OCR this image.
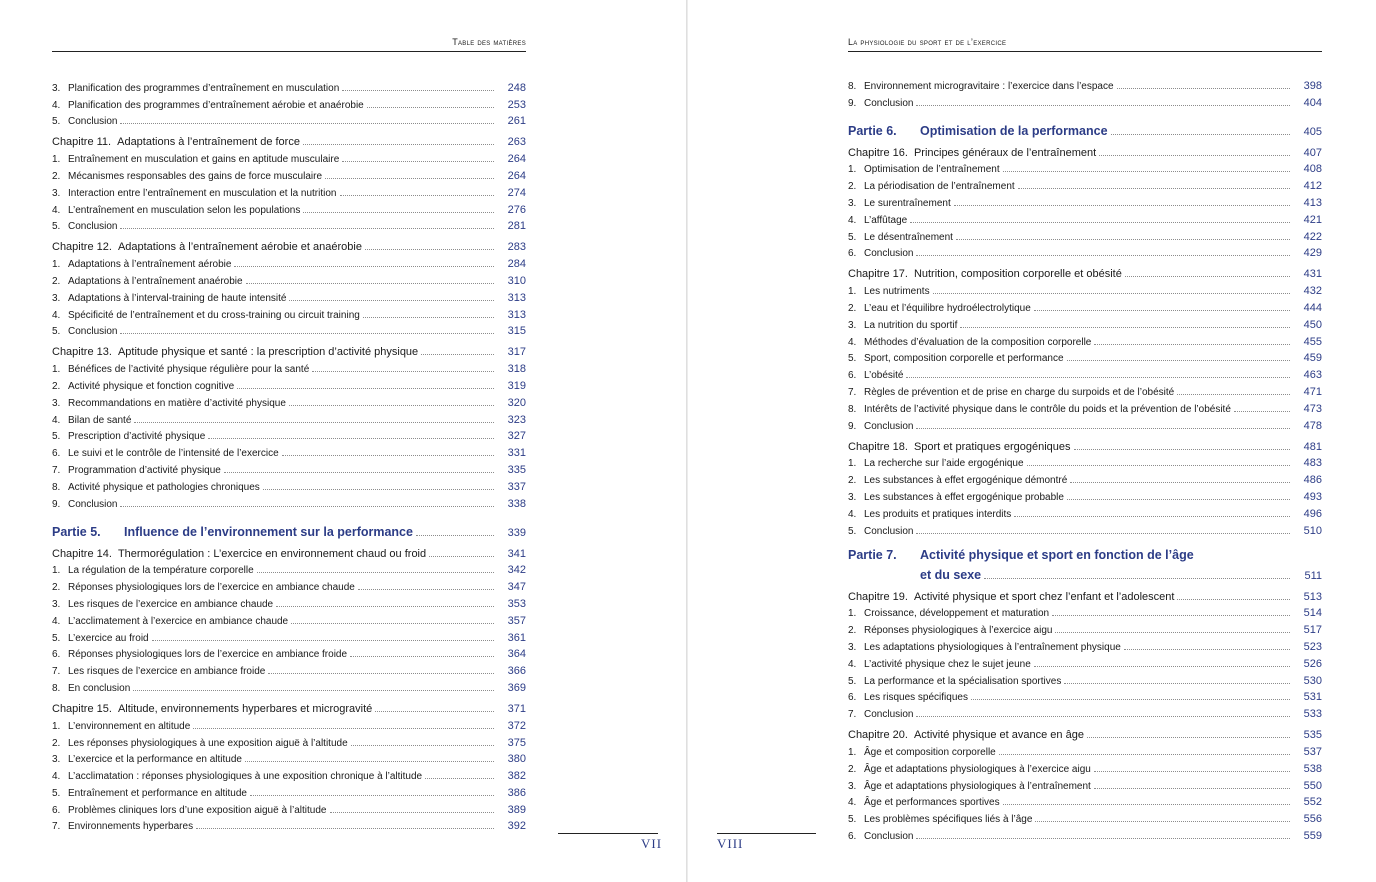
Table des matières
3. Planification des programmes d’entraînement en musculation	248
4. Planification des programmes d’entraînement aérobie et anaérobie	253
5. Conclusion	261
Chapitre 11. Adaptations à l’entraînement de force	263
1. Entraînement en musculation et gains en aptitude musculaire	264
2. Mécanismes responsables des gains de force musculaire	264
3. Interaction entre l’entraînement en musculation et la nutrition	274
4. L’entraînement en musculation selon les populations	276
5. Conclusion	281
Chapitre 12. Adaptations à l’entraînement aérobie et anaérobie	283
1. Adaptations à l’entraînement aérobie	284
2. Adaptations à l’entraînement anaérobie	310
3. Adaptations à l’interval-training de haute intensité	313
4. Spécificité de l’entraînement et du cross-training ou circuit training	313
5. Conclusion	315
Chapitre 13. Aptitude physique et santé : la prescription d’activité physique	317
1. Bénéfices de l’activité physique régulière pour la santé	318
2. Activité physique et fonction cognitive	319
3. Recommandations en matière d’activité physique	320
4. Bilan de santé	323
5. Prescription d’activité physique	327
6. Le suivi et le contrôle de l’intensité de l’exercice	331
7. Programmation d’activité physique	335
8. Activité physique et pathologies chroniques	337
9. Conclusion	338
Partie 5.	Influence de l’environnement sur la performance	339
Chapitre 14. Thermorégulation : L’exercice en environnement chaud ou froid	341
1. La régulation de la température corporelle	342
2. Réponses physiologiques lors de l’exercice en ambiance chaude	347
3. Les risques de l’exercice en ambiance chaude	353
4. L’acclimatement à l’exercice en ambiance chaude	357
5. L’exercice au froid	361
6. Réponses physiologiques lors de l’exercice en ambiance froide	364
7. Les risques de l’exercice en ambiance froide	366
8. En conclusion	369
Chapitre 15. Altitude, environnements hyperbares et microgravité	371
1. L’environnement en altitude	372
2. Les réponses physiologiques à une exposition aiguë à l’altitude	375
3. L’exercice et la performance en altitude	380
4. L’acclimatation : réponses physiologiques à une exposition chronique à l’altitude	382
5. Entraînement et performance en altitude	386
6. Problèmes cliniques lors d’une exposition aiguë à l’altitude	389
7. Environnements hyperbares	392
La physiologie du sport et de l’exercice
8. Environnement microgravitaire : l’exercice dans l’espace	398
9. Conclusion	404
Partie 6.	Optimisation de la performance	405
Chapitre 16. Principes généraux de l’entraînement	407
1. Optimisation de l’entraînement	408
2. La périodisation de l’entraînement	412
3. Le surentraînement	413
4. L’affûtage	421
5. Le désentraînement	422
6. Conclusion	429
Chapitre 17. Nutrition, composition corporelle et obésité	431
1. Les nutriments	432
2. L’eau et l’équilibre hydroélectrolytique	444
3. La nutrition du sportif	450
4. Méthodes d’évaluation de la composition corporelle	455
5. Sport, composition corporelle et performance	459
6. L’obésité	463
7. Règles de prévention et de prise en charge du surpoids et de l’obésité	471
8. Intérêts de l’activité physique dans le contrôle du poids et la prévention de l’obésité	473
9. Conclusion	478
Chapitre 18. Sport et pratiques ergogéniques	481
1. La recherche sur l’aide ergogénique	483
2. Les substances à effet ergogénique démontré	486
3. Les substances à effet ergogénique probable	493
4. Les produits et pratiques interdits	496
5. Conclusion	510
Partie 7.	Activité physique et sport en fonction de l’âge
et du sexe	511
Chapitre 19. Activité physique et sport chez l’enfant et l’adolescent	513
1. Croissance, développement et maturation	514
2. Réponses physiologiques à l’exercice aigu	517
3. Les adaptations physiologiques à l’entraînement physique	523
4. L’activité physique chez le sujet jeune	526
5. La performance et la spécialisation sportives	530
6. Les risques spécifiques	531
7. Conclusion	533
Chapitre 20. Activité physique et avance en âge	535
1. Âge et composition corporelle	537
2. Âge et adaptations physiologiques à l’exercice aigu	538
3. Âge et adaptations physiologiques à l’entraînement	550
4. Âge et performances sportives	552
5. Les problèmes spécifiques liés à l’âge	556
6. Conclusion	559
VII	VIII
